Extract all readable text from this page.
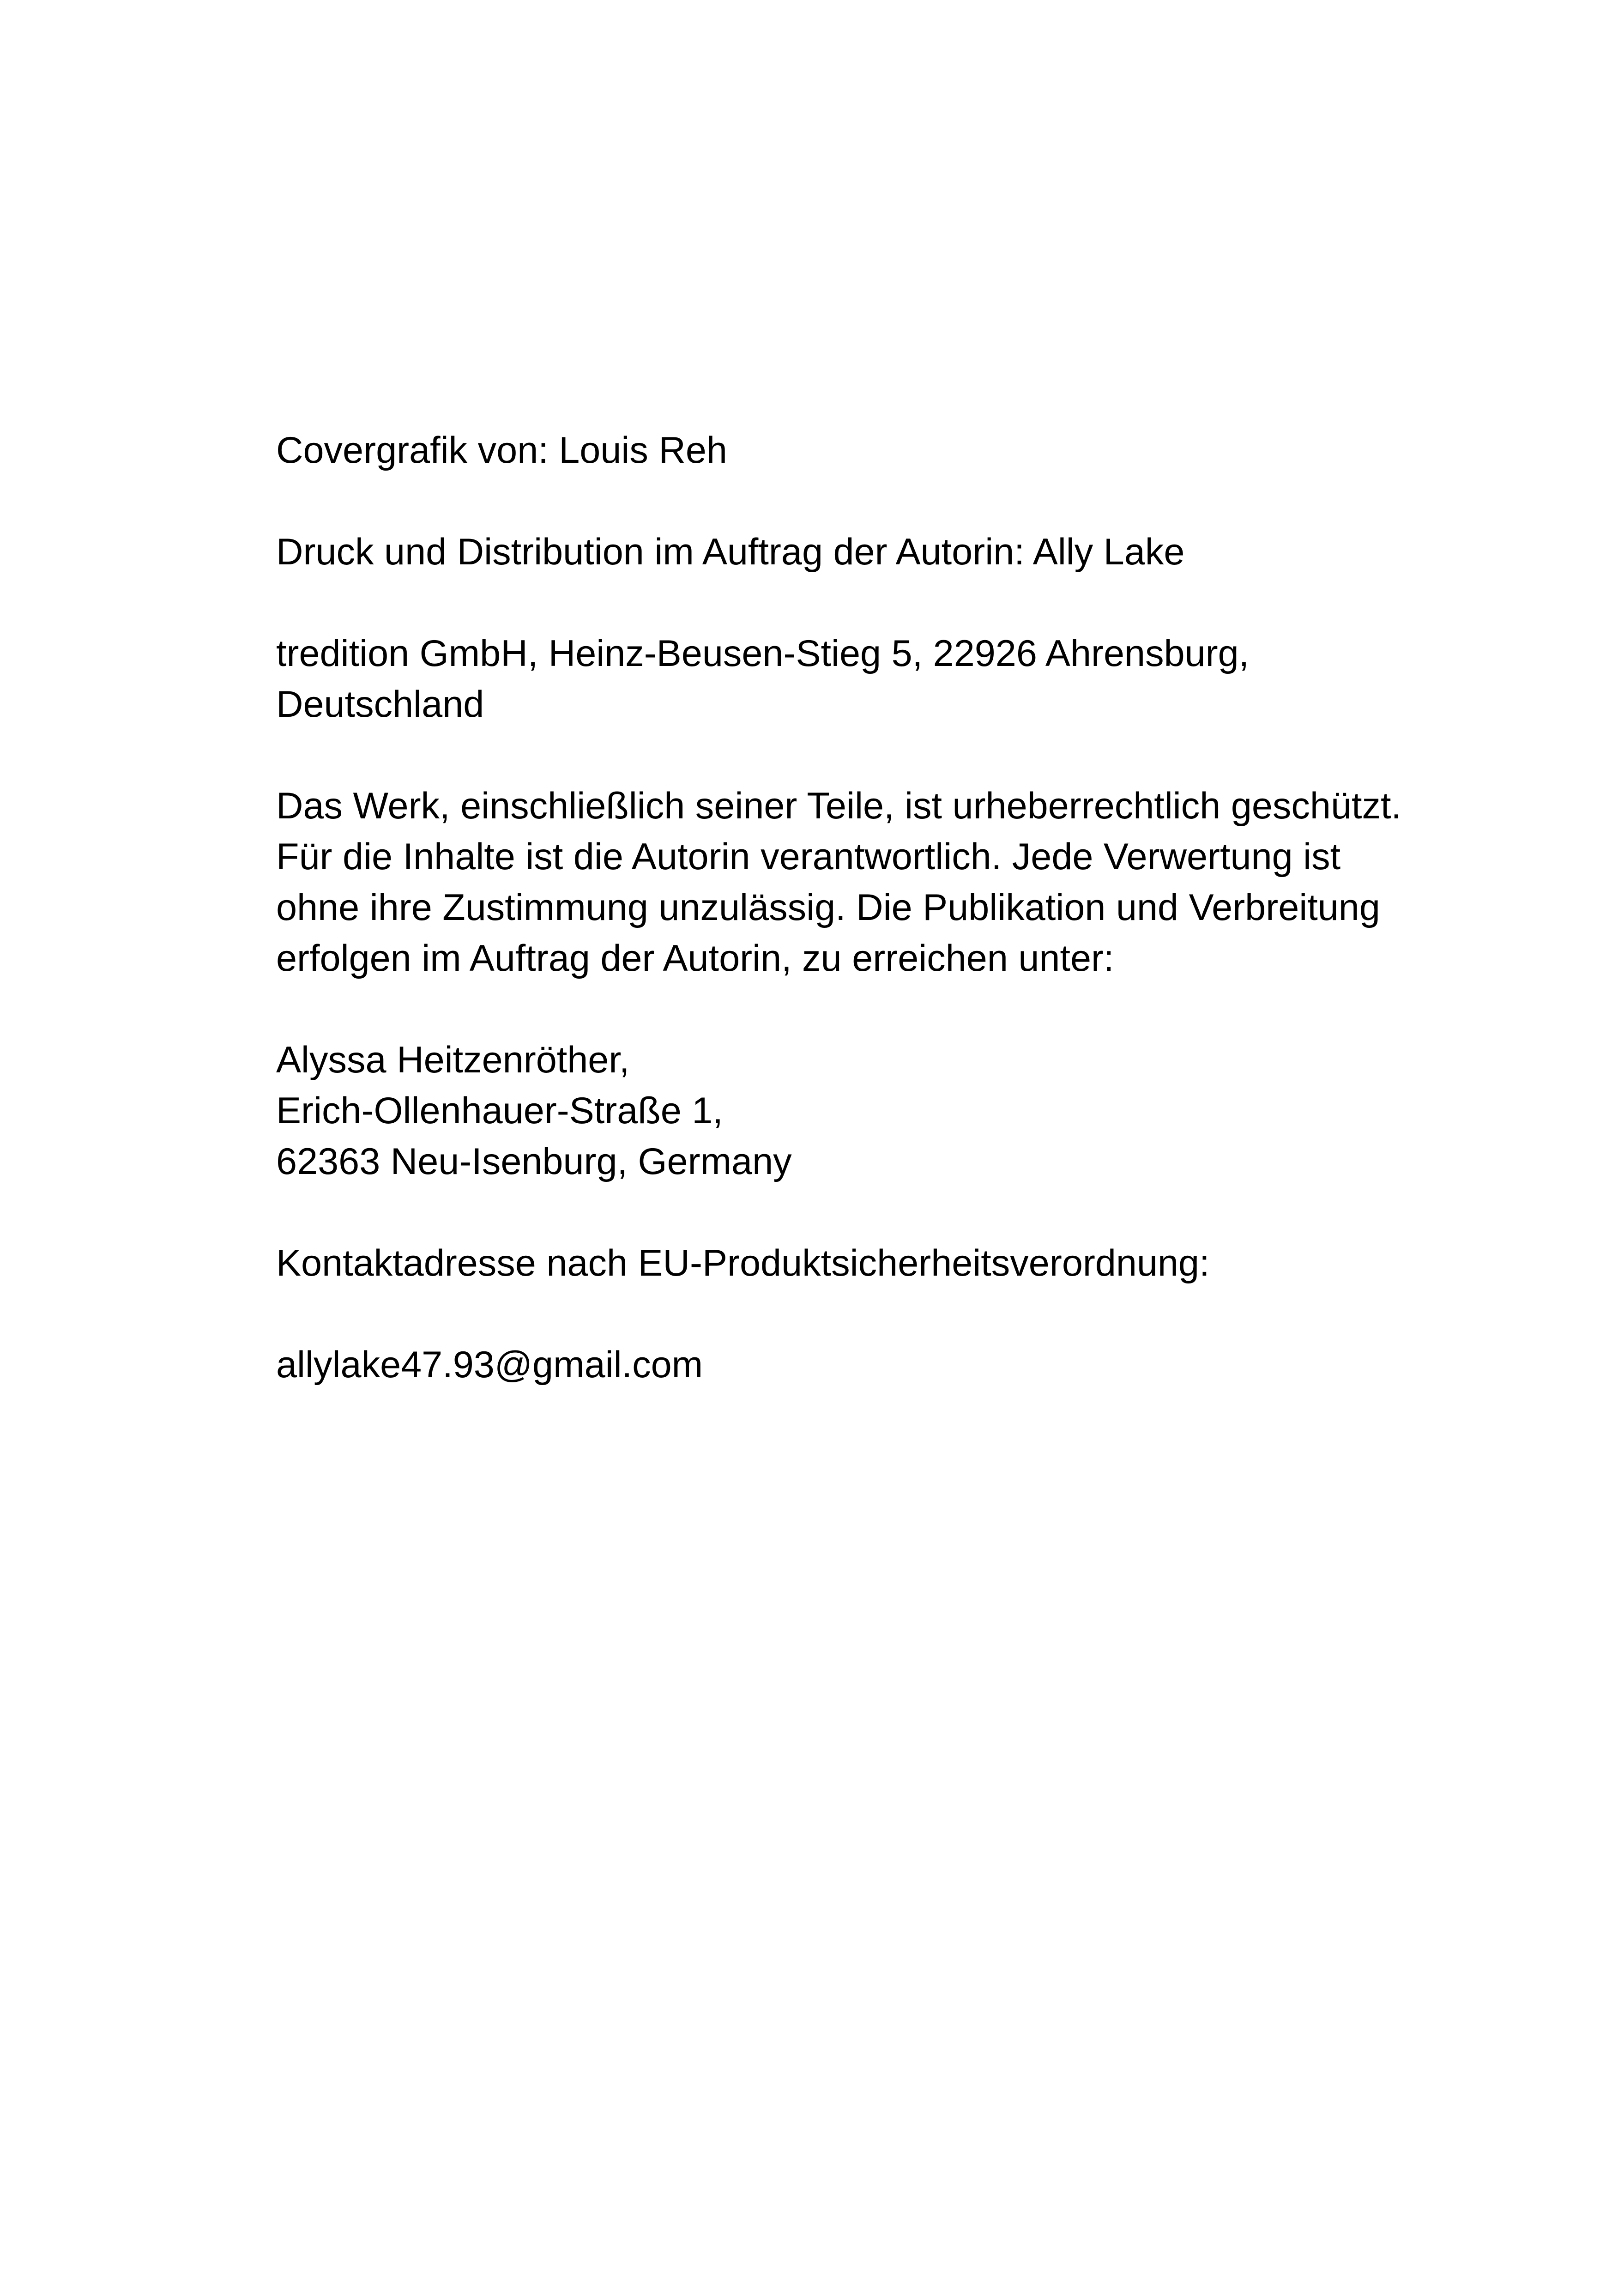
Covergrafik von: Louis Reh

Druck und Distribution im Auftrag der Autorin: Ally Lake

tredition GmbH, Heinz-Beusen-Stieg 5, 22926 Ahrensburg, Deutschland

Das Werk, einschließlich seiner Teile, ist urheberrechtlich geschützt. Für die Inhalte ist die Autorin verantwortlich. Jede Verwertung ist ohne ihre Zustimmung unzulässig. Die Publikation und Verbreitung erfolgen im Auftrag der Autorin, zu erreichen unter:

Alyssa Heitzenröther,
Erich-Ollenhauer-Straße 1,
62363 Neu-Isenburg, Germany

Kontaktadresse nach EU-Produktsicherheitsverordnung:

allylake47.93@gmail.com
